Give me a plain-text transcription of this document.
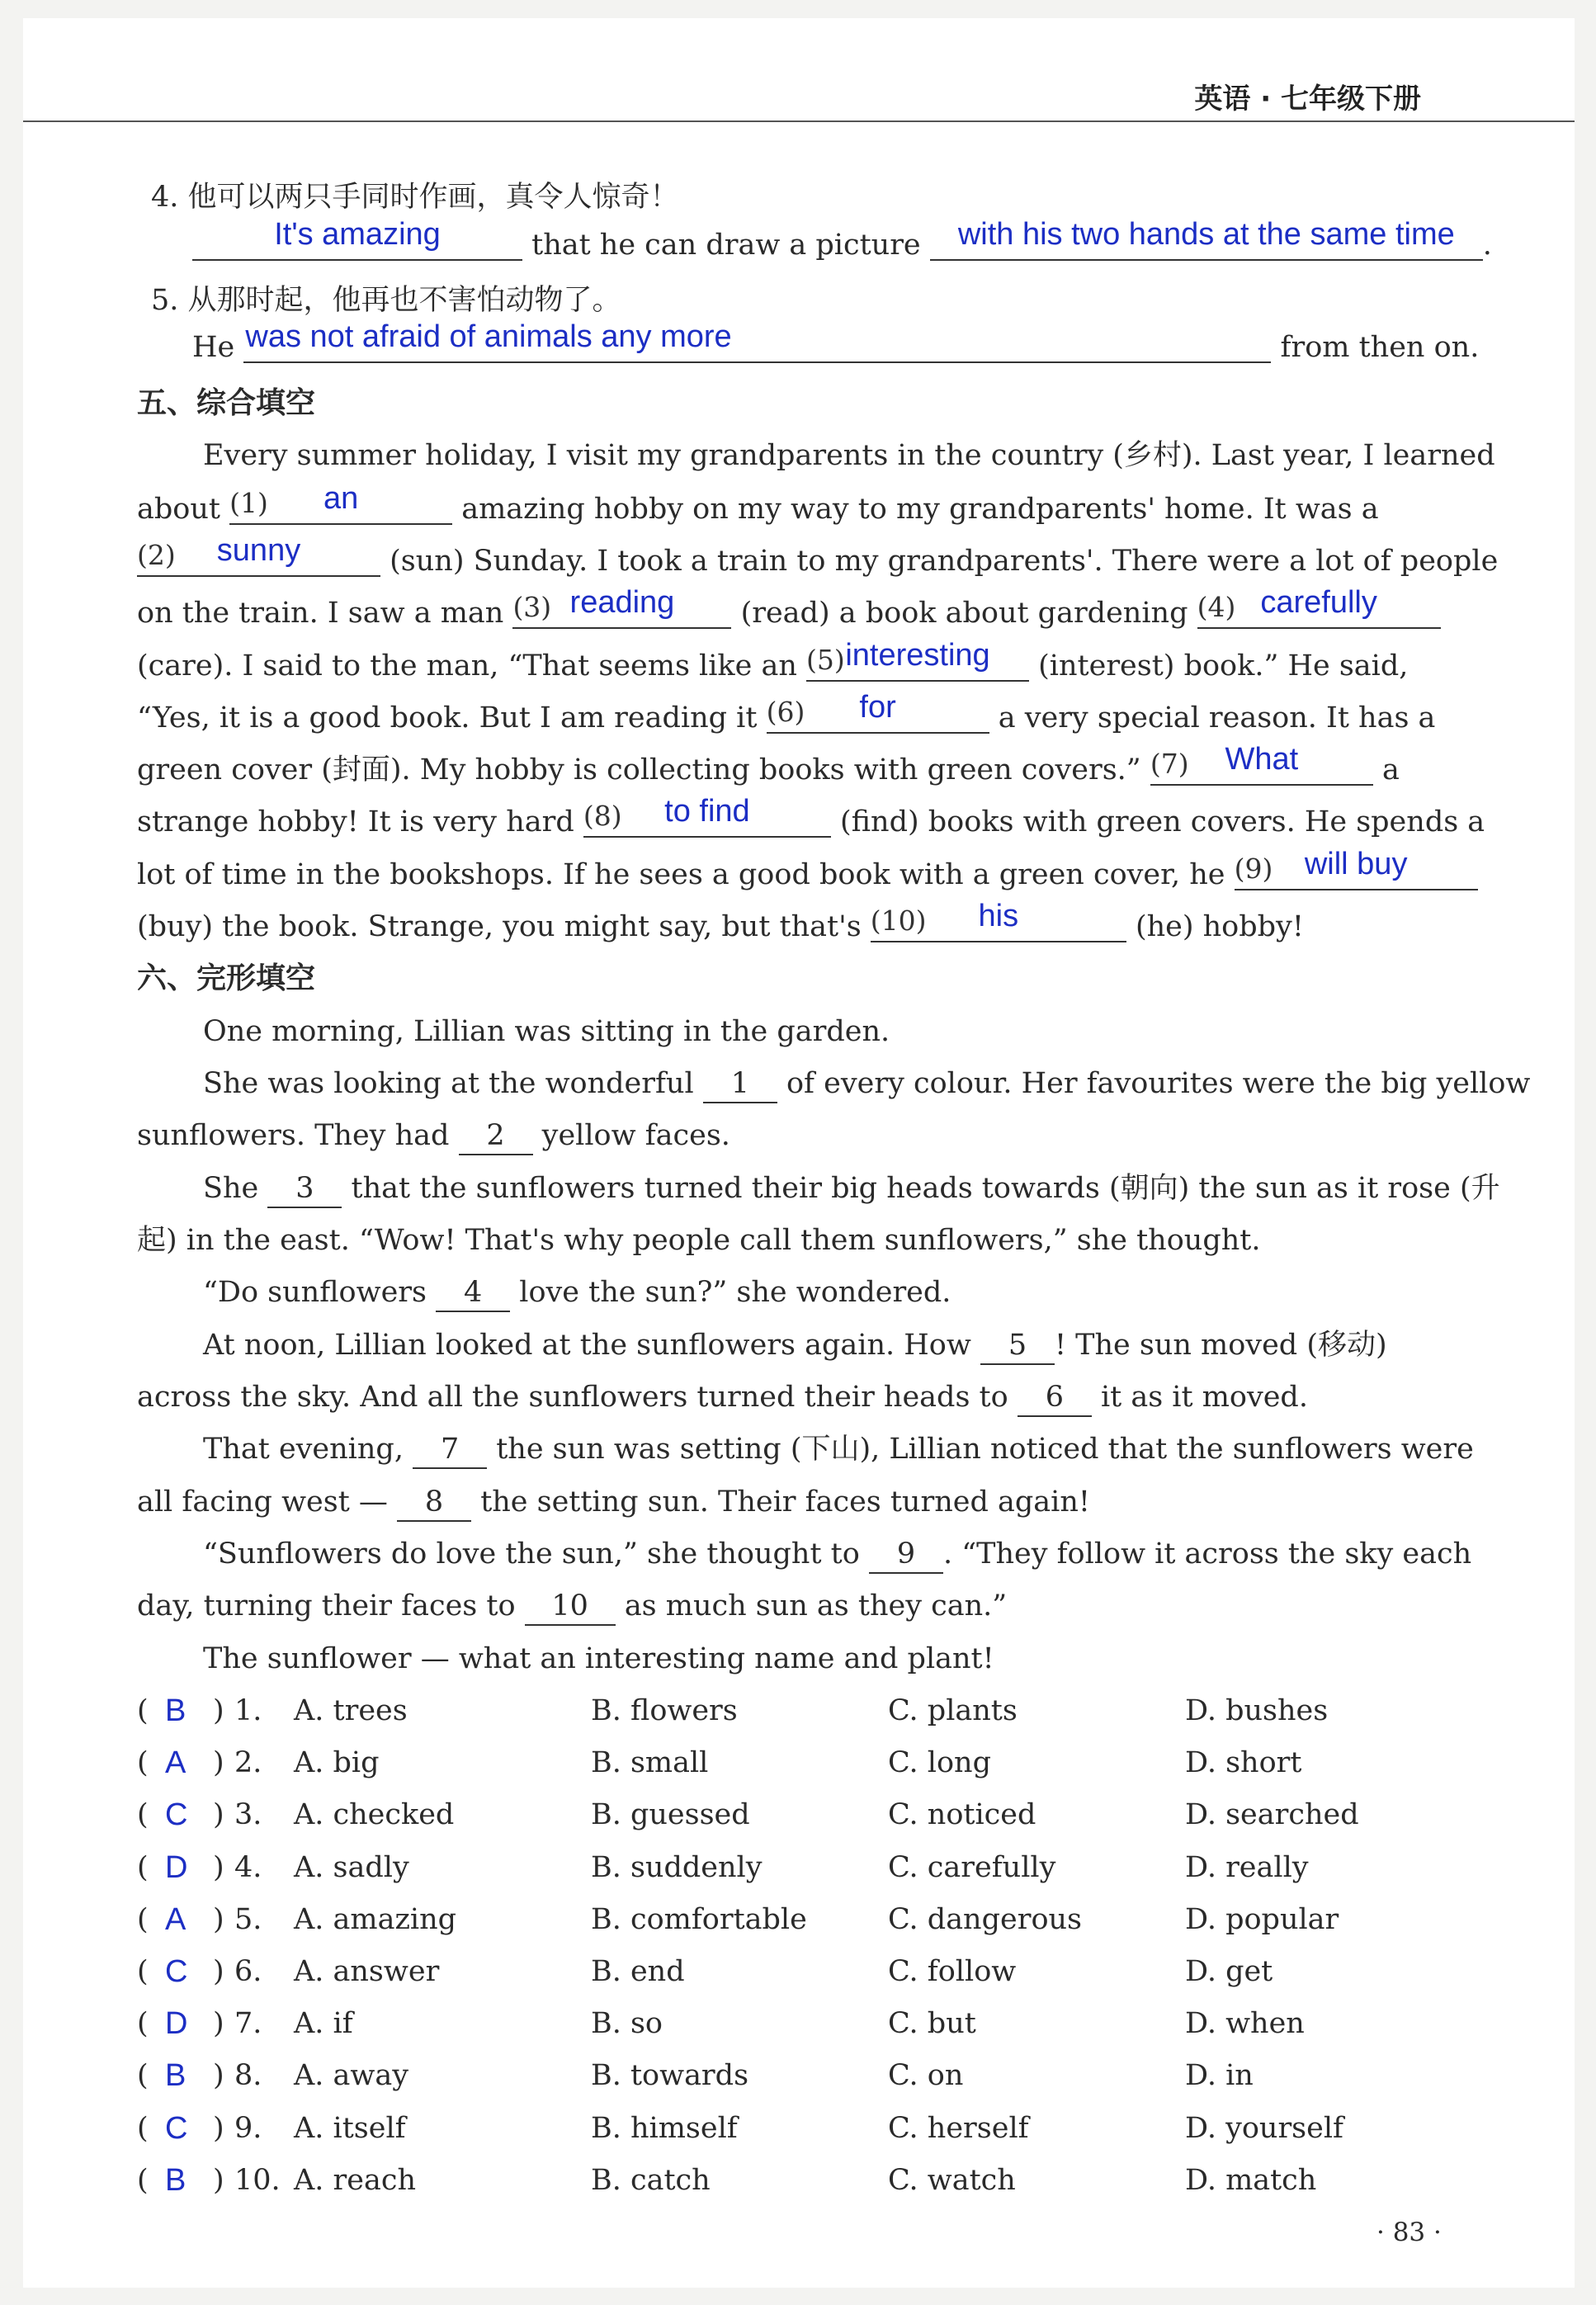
英语 · 七年级下册
4. 他可以两只手同时作画，真令人惊奇！
It's amazing	that he can draw a picture with his two hands at the same time .
5. 从那时起，他再也不害怕动物了。
He was not afraid of animals any more	from then on.
五、综合填空
Every summer holiday, I visit my grandparents in the country (乡村). Last year, I learned
about (1) an	amazing hobby on my way to my grandparents' home. It was a
(2) sunny	(sun) Sunday. I took a train to my grandparents'. There were a lot of people
on the train. I saw a man (3) reading (read) a book about gardening (4) carefully
(care). I said to the man, “That seems like an (5) interesting (interest) book.” He said,
“Yes, it is a good book. But I am reading it (6) for	a very special reason. It has a
green cover (封面). My hobby is collecting books with green covers.” (7) What	a
strange hobby! It is very hard (8) to find	(find) books with green covers. He spends a
lot of time in the bookshops. If he sees a good book with a green cover, he (9) will buy
(buy) the book. Strange, you might say, but that's (10) his	(he) hobby!
六、完形填空
One morning, Lillian was sitting in the garden.
She was looking at the wonderful 1 of every colour. Her favourites were the big yellow
sunflowers. They had 2 yellow faces.
She 3 that the sunflowers turned their big heads towards (朝向) the sun as it rose (升
起) in the east. “Wow! That's why people call them sunflowers,” she thought.
“Do sunflowers 4 love the sun?” she wondered.
At noon, Lillian looked at the sunflowers again. How 5 ! The sun moved (移动)
across the sky. And all the sunflowers turned their heads to 6 it as it moved.
That evening, 7 the sun was setting (下山), Lillian noticed that the sunflowers were
all facing west — 8 the setting sun. Their faces turned again!
“Sunflowers do love the sun,” she thought to 9 . “They follow it across the sky each
day, turning their faces to 10 as much sun as they can.”
The sunflower — what an interesting name and plant!
( B ) 1. A. trees	B. flowers	C. plants	D. bushes
( A ) 2. A. big	B. small	C. long	D. short
( C ) 3. A. checked	B. guessed	C. noticed	D. searched
( D ) 4. A. sadly	B. suddenly	C. carefully	D. really
( A ) 5. A. amazing	B. comfortable	C. dangerous	D. popular
( C ) 6. A. answer	B. end	C. follow	D. get
( D ) 7. A. if	B. so	C. but	D. when
( B ) 8. A. away	B. towards	C. on	D. in
( C ) 9. A. itself	B. himself	C. herself	D. yourself
( B ) 10. A. reach	B. catch	C. watch	D. match
· 83 ·
